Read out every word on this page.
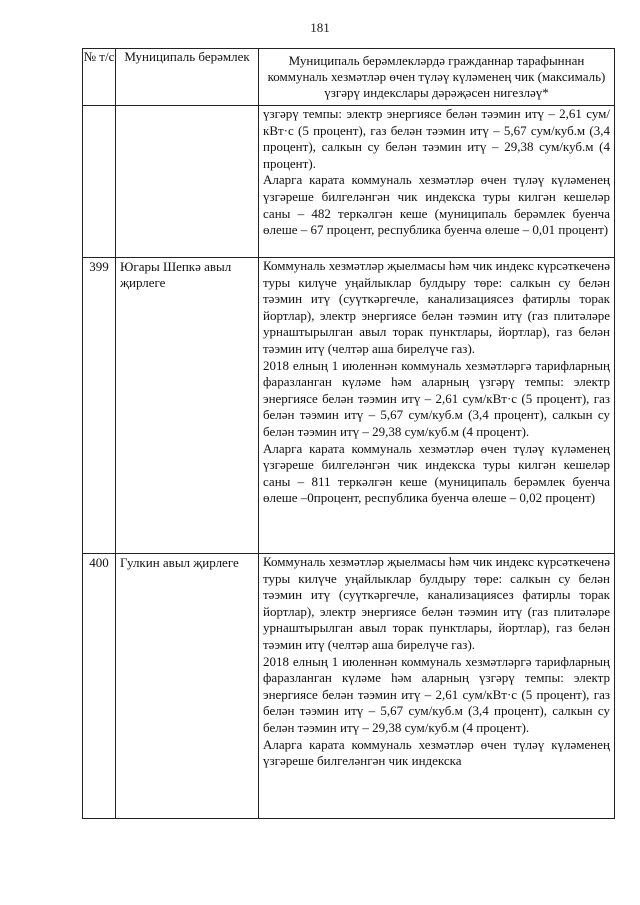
181
№ т/с	Муниципаль берәмлек	Муниципаль берәмлекләрдә гражданнар тарафыннан коммуналь хезмәтләр өчен түләү күләменең чик (максималь) үзгәрү индекслары дәрәҗәсен нигезләү*

		үзгәрү темпы: электр энергиясе белән тәэмин итү – 2,61 сум/кВт·с (5 процент), газ белән тәэмин итү – 5,67 сум/куб.м (3,4 процент), салкын су белән тәэмин итү – 29,38 сум/куб.м (4 процент).

Аларга карата коммуналь хезмәтләр өчен түләү күләменең үзгәреше билгеләнгән чик индекска туры килгән кешеләр саны – 482 теркәлгән кеше (муниципаль берәмлек буенча өлеше – 67 процент, республика буенча өлеше – 0,01 процент)

399	Югары Шепкә авыл җирлеге	Коммуналь хезмәтләр җыелмасы һәм чик индекс күрсәткеченә туры килүче уңайлыклар булдыру төре: салкын су белән тәэмин итү (суүткәргечле, канализациясез фатирлы торак йортлар), электр энергиясе белән тәэмин итү (газ плитәләре урнаштырылган авыл торак пунктлары, йортлар), газ белән тәэмин итү (челтәр аша бирелүче газ).

2018 елның 1 июленнән коммуналь хезмәтләргә тарифларның фаразланган күләме һәм аларның үзгәрү темпы: электр энергиясе белән тәэмин итү – 2,61 сум/кВт·с (5 процент), газ белән тәэмин итү – 5,67 сум/куб.м (3,4 процент), салкын су белән тәэмин итү – 29,38 сум/куб.м (4 процент).

Аларга карата коммуналь хезмәтләр өчен түләү күләменең үзгәреше билгеләнгән чик индекска туры килгән кешеләр саны – 811 теркәлгән кеше (муниципаль берәмлек буенча өлеше –0процент, республика буенча өлеше – 0,02 процент)

400	Гулкин авыл җирлеге	Коммуналь хезмәтләр җыелмасы һәм чик индекс күрсәткеченә туры килүче уңайлыклар булдыру төре: салкын су белән тәэмин итү (суүткәргечле, канализациясез фатирлы торак йортлар), электр энергиясе белән тәэмин итү (газ плитәләре урнаштырылган авыл торак пунктлары, йортлар), газ белән тәэмин итү (челтәр аша бирелүче газ).

2018 елның 1 июленнән коммуналь хезмәтләргә тарифларның фаразланган күләме һәм аларның үзгәрү темпы: электр энергиясе белән тәэмин итү – 2,61 сум/кВт·с (5 процент), газ белән тәэмин итү – 5,67 сум/куб.м (3,4 процент), салкын су белән тәэмин итү – 29,38 сум/куб.м (4 процент).

Аларга карата коммуналь хезмәтләр өчен түләү күләменең үзгәреше билгеләнгән чик индекска
